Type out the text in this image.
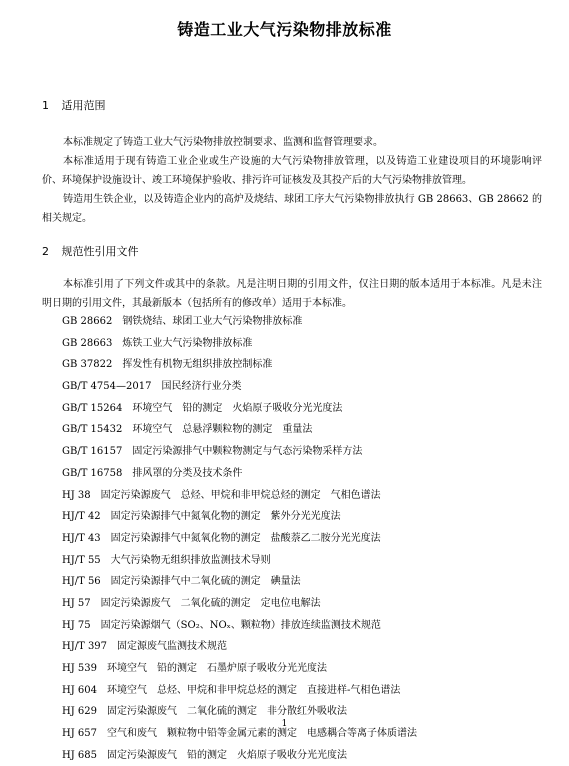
铸造工业大气污染物排放标准
1 适用范围
本标准规定了铸造工业大气污染物排放控制要求、监测和监督管理要求。
本标准适用于现有铸造工业企业或生产设施的大气污染物排放管理，以及铸造工业建设项目的环境影响评价、环境保护设施设计、竣工环境保护验收、排污许可证核发及其投产后的大气污染物排放管理。
铸造用生铁企业，以及铸造企业内的高炉及烧结、球团工序大气污染物排放执行 GB 28663、GB 28662 的相关规定。
2 规范性引用文件
本标准引用了下列文件或其中的条款。凡是注明日期的引用文件，仅注日期的版本适用于本标准。凡是未注明日期的引用文件，其最新版本（包括所有的修改单）适用于本标准。
GB 28662 钢铁烧结、球团工业大气污染物排放标准
GB 28663 炼铁工业大气污染物排放标准
GB 37822 挥发性有机物无组织排放控制标准
GB/T 4754—2017 国民经济行业分类
GB/T 15264 环境空气　铅的测定　火焰原子吸收分光光度法
GB/T 15432 环境空气　总悬浮颗粒物的测定　重量法
GB/T 16157 固定污染源排气中颗粒物测定与气态污染物采样方法
GB/T 16758 排风罩的分类及技术条件
HJ 38 固定污染源废气　总烃、甲烷和非甲烷总烃的测定　气相色谱法
HJ/T 42 固定污染源排气中氮氧化物的测定　紫外分光光度法
HJ/T 43 固定污染源排气中氮氧化物的测定　盐酸萘乙二胺分光光度法
HJ/T 55 大气污染物无组织排放监测技术导则
HJ/T 56 固定污染源排气中二氧化硫的测定　碘量法
HJ 57 固定污染源废气　二氧化硫的测定　定电位电解法
HJ 75 固定污染源烟气（SO₂、NOₓ、颗粒物）排放连续监测技术规范
HJ/T 397 固定源废气监测技术规范
HJ 539 环境空气　铅的测定　石墨炉原子吸收分光光度法
HJ 604 环境空气　总烃、甲烷和非甲烷总烃的测定　直接进样-气相色谱法
HJ 629 固定污染源废气　二氧化硫的测定　非分散红外吸收法
HJ 657 空气和废气　颗粒物中铅等金属元素的测定　电感耦合等离子体质谱法
HJ 685 固定污染源废气　铅的测定　火焰原子吸收分光光度法
1
